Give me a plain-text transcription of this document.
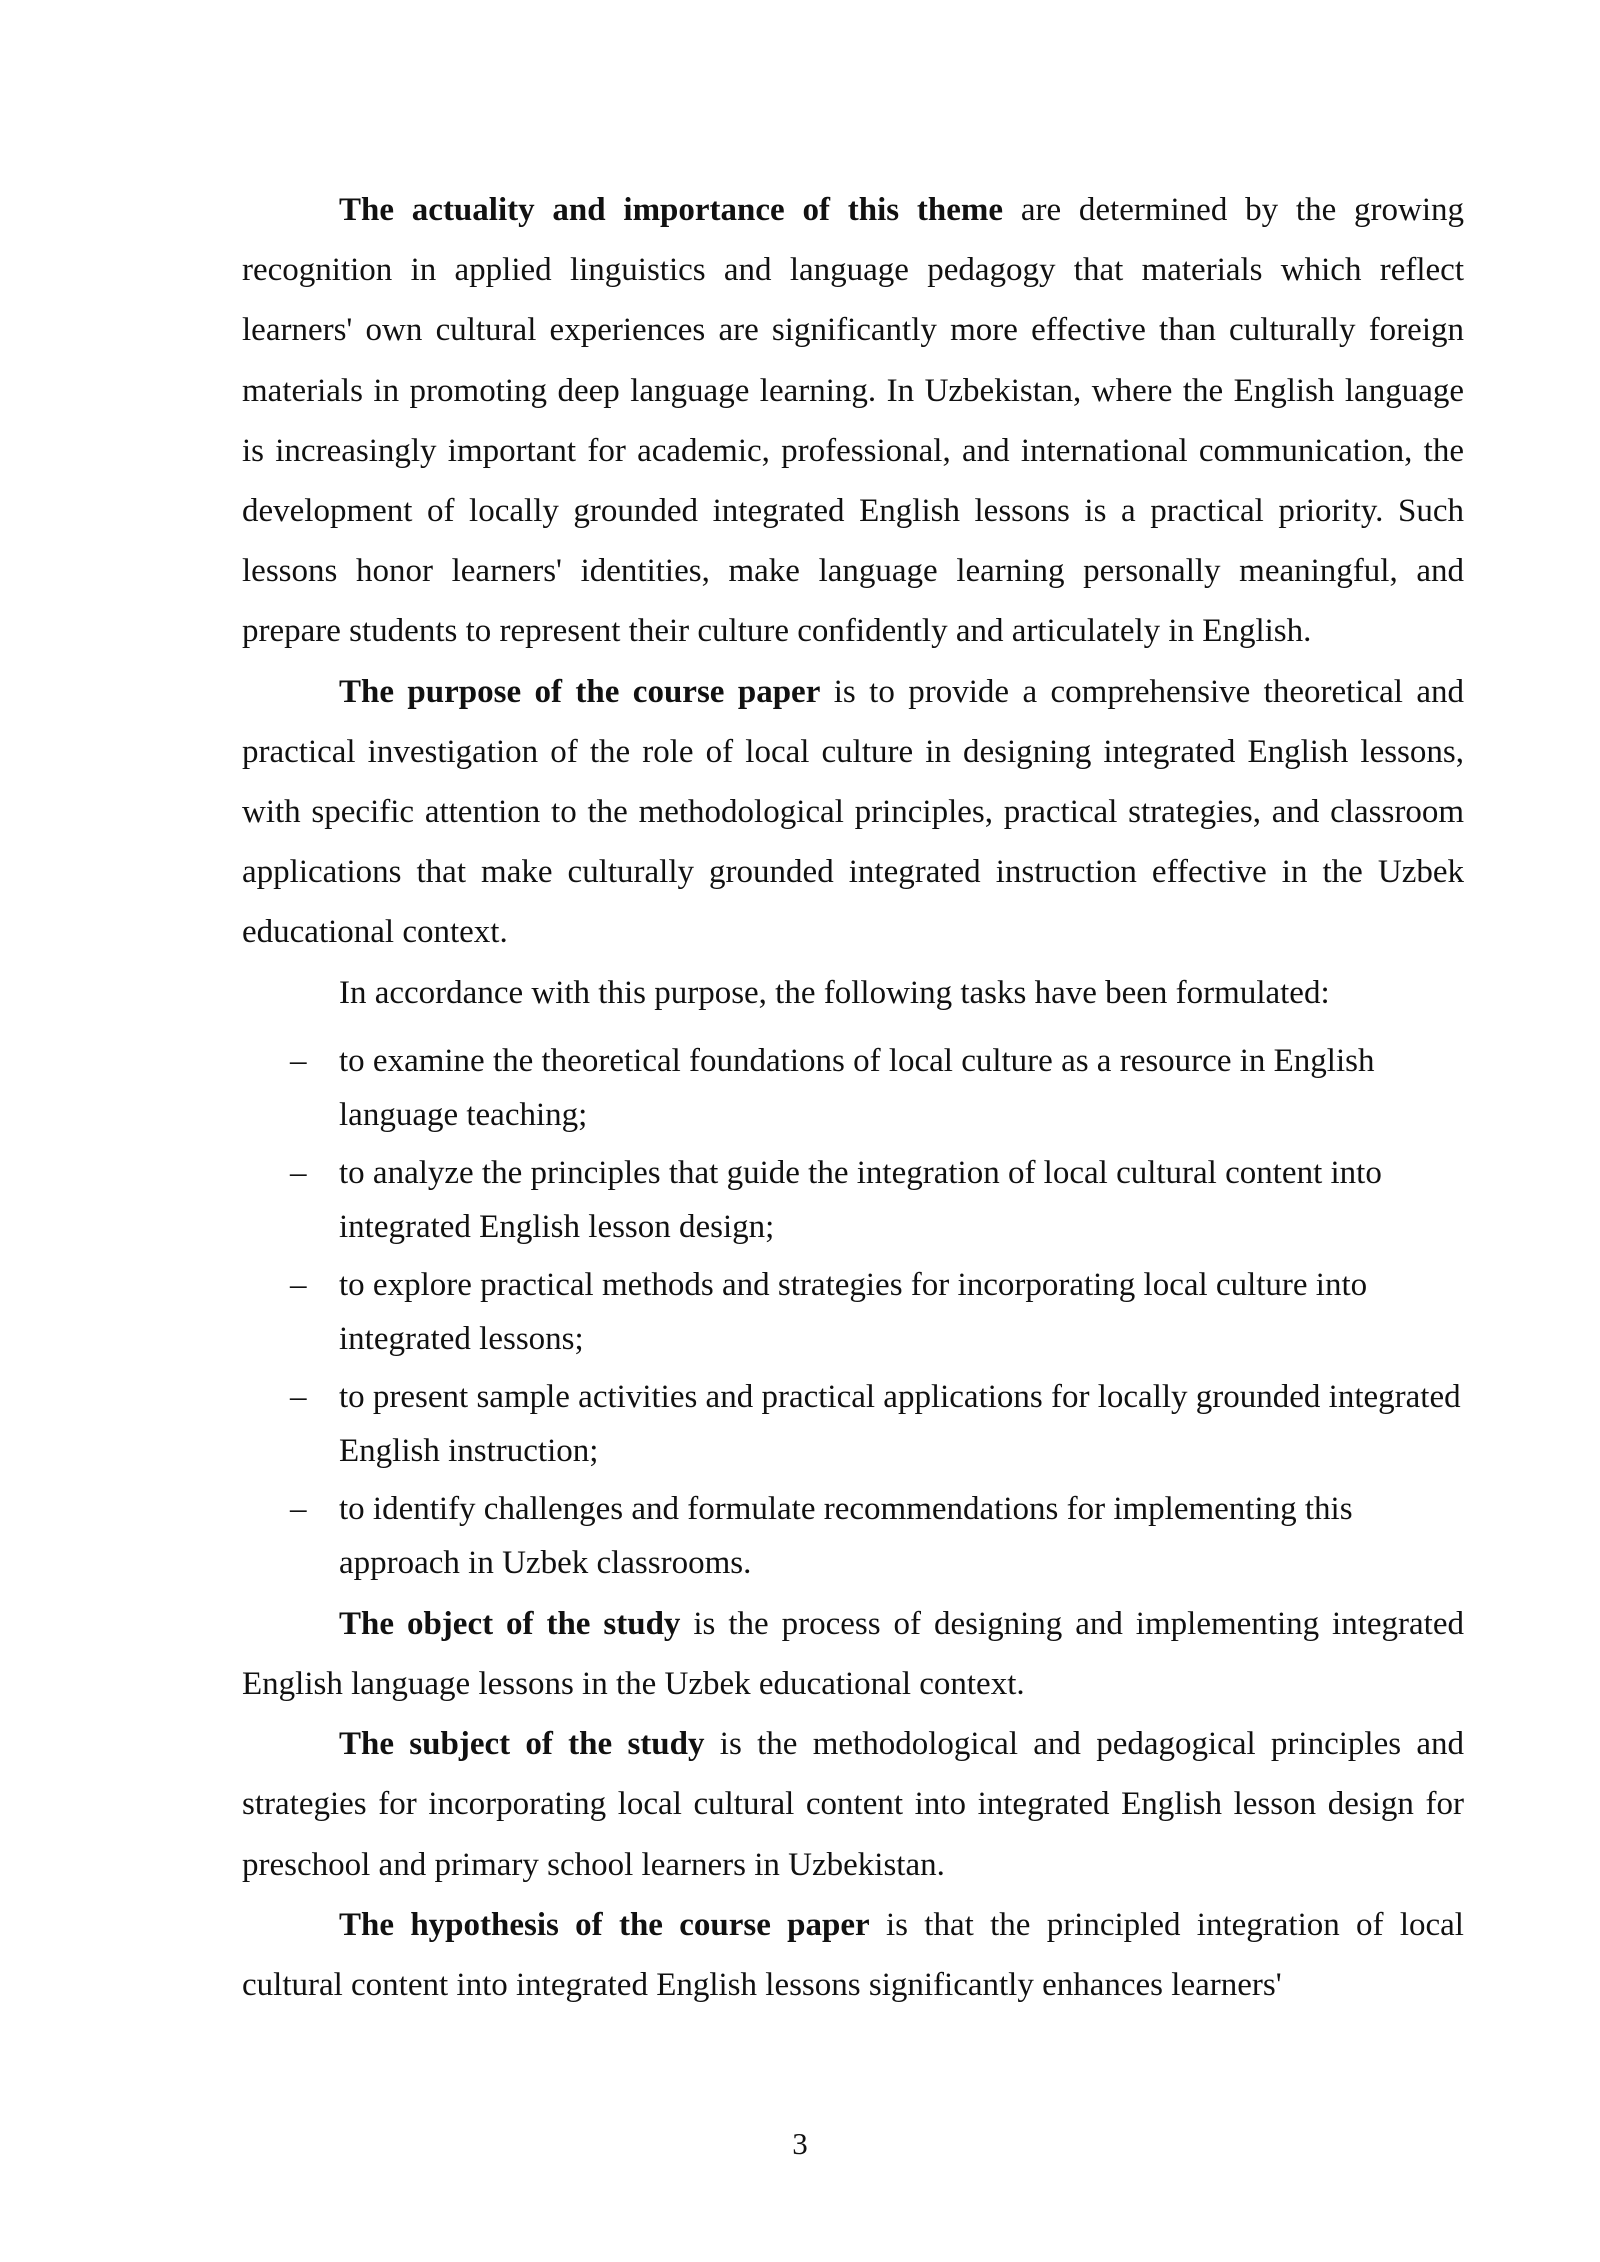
The actuality and importance of this theme are determined by the growing recognition in applied linguistics and language pedagogy that materials which reflect learners' own cultural experiences are significantly more effective than culturally foreign materials in promoting deep language learning. In Uzbekistan, where the English language is increasingly important for academic, professional, and international communication, the development of locally grounded integrated English lessons is a practical priority. Such lessons honor learners' identities, make language learning personally meaningful, and prepare students to represent their culture confidently and articulately in English.

The purpose of the course paper is to provide a comprehensive theoretical and practical investigation of the role of local culture in designing integrated English lessons, with specific attention to the methodological principles, practical strategies, and classroom applications that make culturally grounded integrated instruction effective in the Uzbek educational context.

In accordance with this purpose, the following tasks have been formulated:

– to examine the theoretical foundations of local culture as a resource in English language teaching;
– to analyze the principles that guide the integration of local cultural content into integrated English lesson design;
– to explore practical methods and strategies for incorporating local culture into integrated lessons;
– to present sample activities and practical applications for locally grounded integrated English instruction;
– to identify challenges and formulate recommendations for implementing this approach in Uzbek classrooms.

The object of the study is the process of designing and implementing integrated English language lessons in the Uzbek educational context.

The subject of the study is the methodological and pedagogical principles and strategies for incorporating local cultural content into integrated English lesson design for preschool and primary school learners in Uzbekistan.

The hypothesis of the course paper is that the principled integration of local cultural content into integrated English lessons significantly enhances learners'

3
